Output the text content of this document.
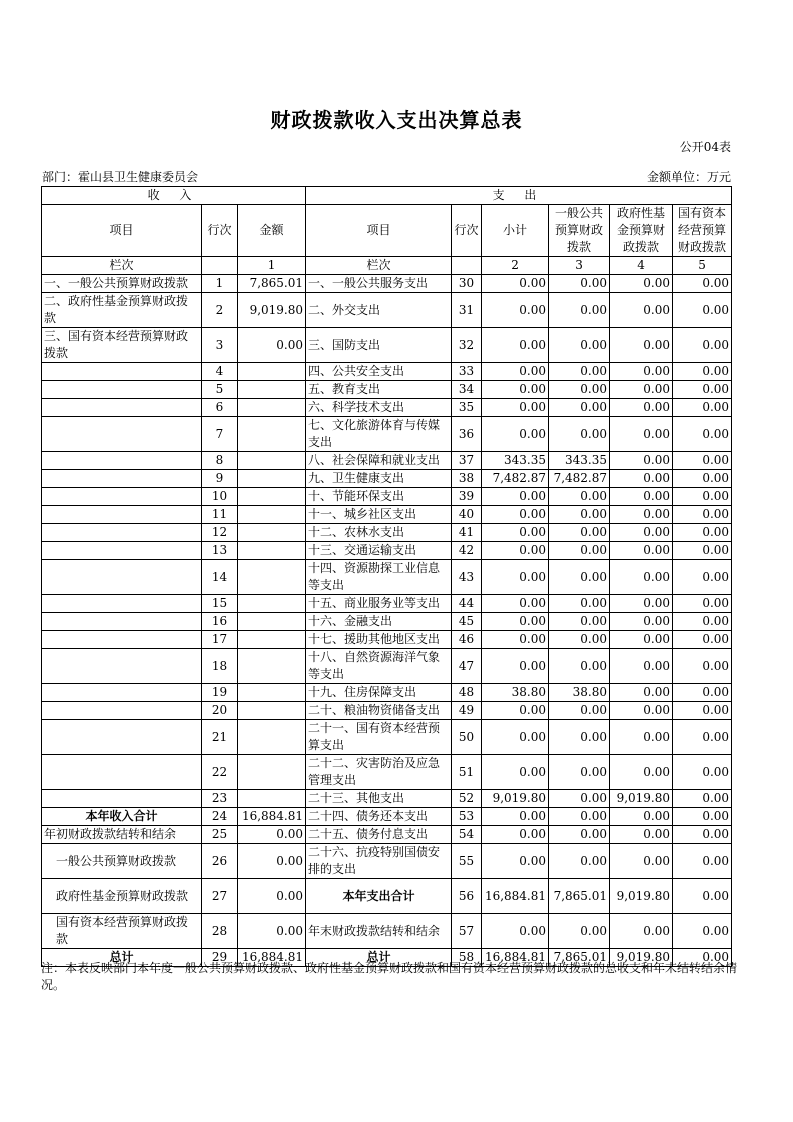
财政拨款收入支出决算总表
公开04表
部门：霍山县卫生健康委员会	金额单位：万元
收 入			支 出					
项目	行次	金额	项目	行次	小计	一般公共预算财政拨款	政府性基金预算财政拨款	国有资本经营预算财政拨款
栏次		1	栏次		2	3	4	5
一、一般公共预算财政拨款	1	7,865.01	一、一般公共服务支出	30	0.00	0.00	0.00	0.00
二、政府性基金预算财政拨款	2	9,019.80	二、外交支出	31	0.00	0.00	0.00	0.00
三、国有资本经营预算财政拨款	3	0.00	三、国防支出	32	0.00	0.00	0.00	0.00
	4		四、公共安全支出	33	0.00	0.00	0.00	0.00
	5		五、教育支出	34	0.00	0.00	0.00	0.00
	6		六、科学技术支出	35	0.00	0.00	0.00	0.00
	7		七、文化旅游体育与传媒支出	36	0.00	0.00	0.00	0.00
	8		八、社会保障和就业支出	37	343.35	343.35	0.00	0.00
	9		九、卫生健康支出	38	7,482.87	7,482.87	0.00	0.00
	10		十、节能环保支出	39	0.00	0.00	0.00	0.00
	11		十一、城乡社区支出	40	0.00	0.00	0.00	0.00
	12		十二、农林水支出	41	0.00	0.00	0.00	0.00
	13		十三、交通运输支出	42	0.00	0.00	0.00	0.00
	14		十四、资源勘探工业信息等支出	43	0.00	0.00	0.00	0.00
	15		十五、商业服务业等支出	44	0.00	0.00	0.00	0.00
	16		十六、金融支出	45	0.00	0.00	0.00	0.00
	17		十七、援助其他地区支出	46	0.00	0.00	0.00	0.00
	18		十八、自然资源海洋气象等支出	47	0.00	0.00	0.00	0.00
	19		十九、住房保障支出	48	38.80	38.80	0.00	0.00
	20		二十、粮油物资储备支出	49	0.00	0.00	0.00	0.00
	21		二十一、国有资本经营预算支出	50	0.00	0.00	0.00	0.00
	22		二十二、灾害防治及应急管理支出	51	0.00	0.00	0.00	0.00
	23		二十三、其他支出	52	9,019.80	0.00	9,019.80	0.00
本年收入合计	24	16,884.81	二十四、债务还本支出	53	0.00	0.00	0.00	0.00
年初财政拨款结转和结余	25	0.00	二十五、债务付息支出	54	0.00	0.00	0.00	0.00
一般公共预算财政拨款	26	0.00	二十六、抗疫特别国债安排的支出	55	0.00	0.00	0.00	0.00
政府性基金预算财政拨款	27	0.00	本年支出合计	56	16,884.81	7,865.01	9,019.80	0.00
国有资本经营预算财政拨款	28	0.00	年末财政拨款结转和结余	57	0.00	0.00	0.00	0.00
总计	29	16,884.81	总计	58	16,884.81	7,865.01	9,019.80	0.00
注：本表反映部门本年度一般公共预算财政拨款、政府性基金预算财政拨款和国有资本经营预算财政拨款的总收支和年末结转结余情况。
